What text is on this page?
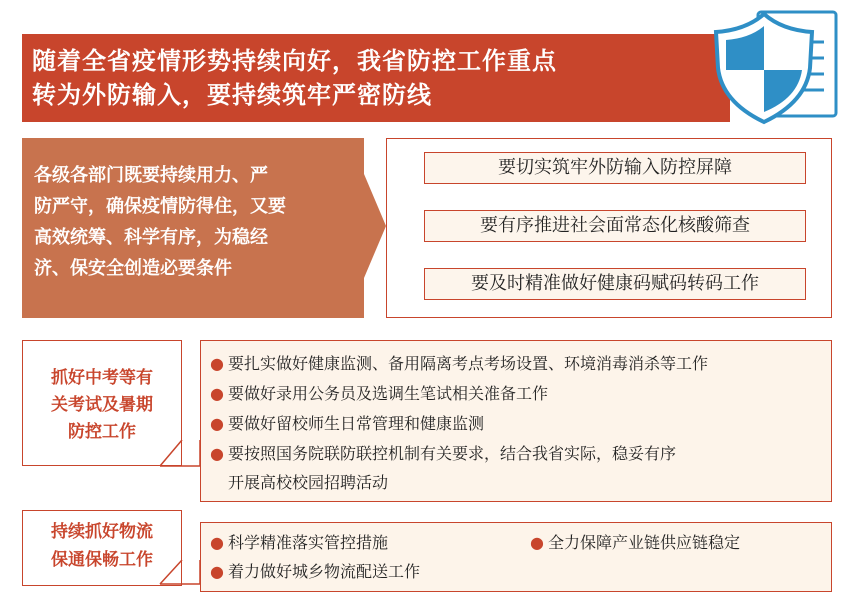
随着全省疫情形势持续向好，我省防控工作重点
转为外防输入，要持续筑牢严密防线
各级各部门既要持续用力、严
防严守，确保疫情防得住，又要
高效统筹、科学有序，为稳经
济、保安全创造必要条件
要切实筑牢外防输入防控屏障
要有序推进社会面常态化核酸筛查
要及时精准做好健康码赋码转码工作
抓好中考等有
关考试及暑期
防控工作
● 要扎实做好健康监测、备用隔离考点考场设置、环境消毒消杀等工作
● 要做好录用公务员及选调生笔试相关准备工作
● 要做好留校师生日常管理和健康监测
● 要按照国务院联防联控机制有关要求，结合我省实际，稳妥有序
开展高校校园招聘活动
持续抓好物流
保通保畅工作
● 科学精准落实管控措施	● 全力保障产业链供应链稳定
● 着力做好城乡物流配送工作
